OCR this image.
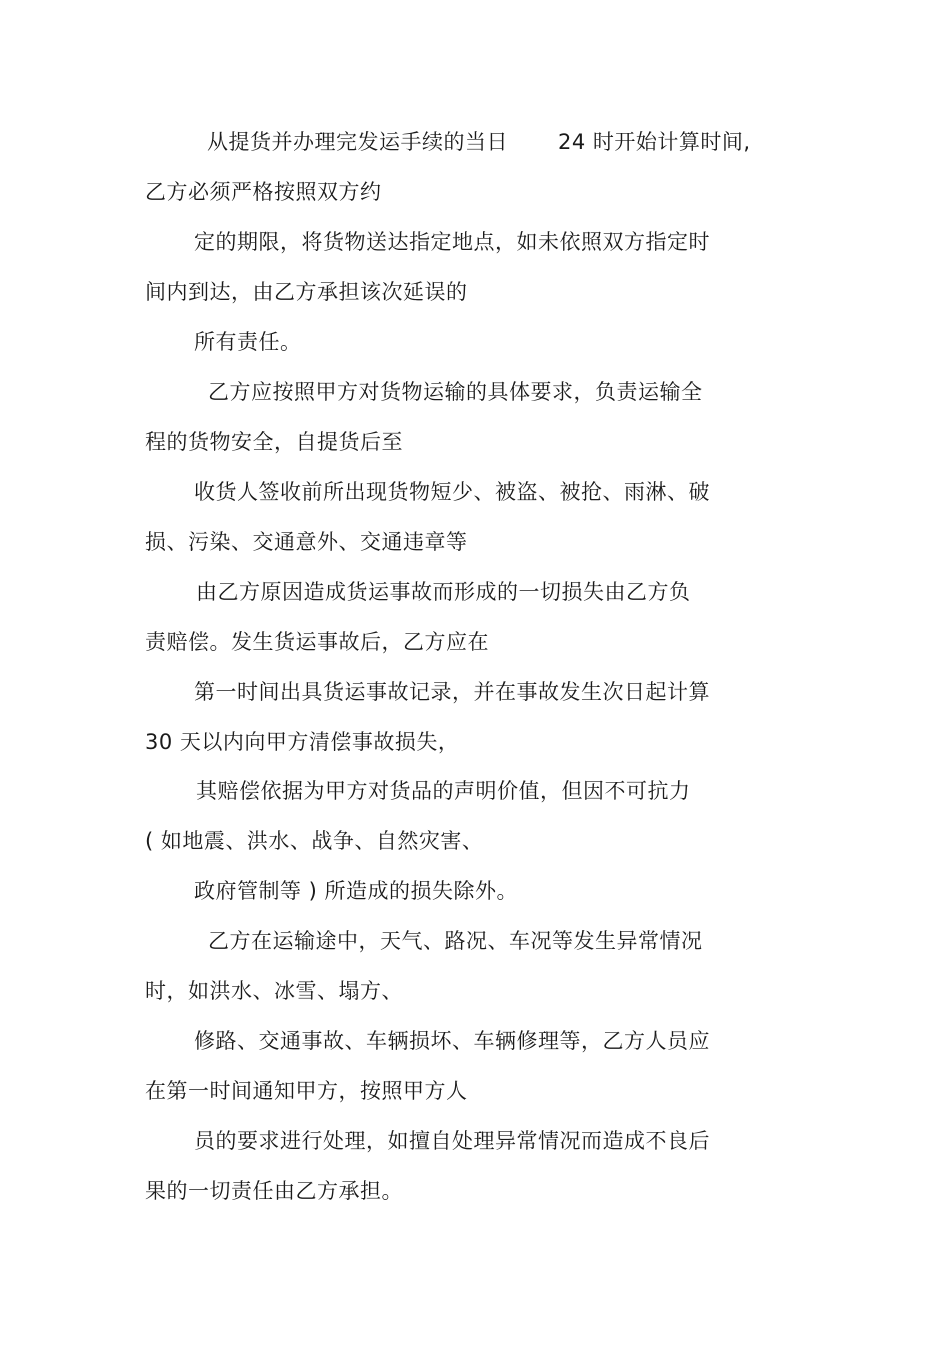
从提货并办理完发运手续的当日 24 时开始计算时间,
乙方必须严格按照双方约
定的期限，将货物送达指定地点，如未依照双方指定时
间内到达，由乙方承担该次延误的
所有责任。
乙方应按照甲方对货物运输的具体要求，负责运输全
程的货物安全，自提货后至
收货人签收前所出现货物短少、被盗、被抢、雨淋、破
损、污染、交通意外、交通违章等
由乙方原因造成货运事故而形成的一切损失由乙方负
责赔偿。发生货运事故后，乙方应在
第一时间出具货运事故记录，并在事故发生次日起计算
30 天以内向甲方清偿事故损失，
其赔偿依据为甲方对货品的声明价值，但因不可抗力
( 如地震、洪水、战争、自然灾害、
政府管制等 ) 所造成的损失除外。
乙方在运输途中，天气、路况、车况等发生异常情况
时，如洪水、冰雪、塌方、
修路、交通事故、车辆损坏、车辆修理等，乙方人员应
在第一时间通知甲方，按照甲方人
员的要求进行处理，如擅自处理异常情况而造成不良后
果的一切责任由乙方承担。
